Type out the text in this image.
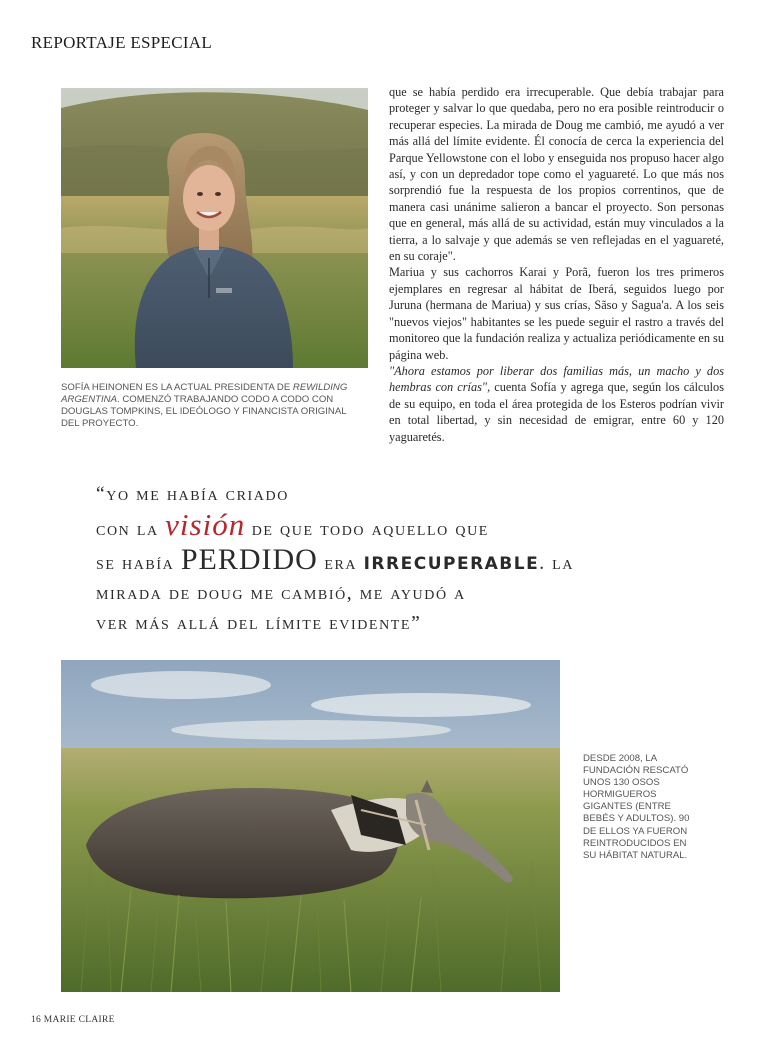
REPORTAJE ESPECIAL
SOFÍA HEINONEN ES LA ACTUAL PRESIDENTA DE REWILDING ARGENTINA. COMENZÓ TRABAJANDO CODO A CODO CON DOUGLAS TOMPKINS, EL IDEÓLOGO Y FINANCISTA ORIGINAL DEL PROYECTO.

que se había perdido era irrecuperable. Que debía trabajar para proteger y salvar lo que quedaba, pero no era posible reintroducir o recuperar especies. La mirada de Doug me cambió, me ayudó a ver más allá del límite evidente. Él conocía de cerca la experiencia del Parque Yellowstone con el lobo y enseguida nos propuso hacer algo así, y con un depredador tope como el yaguareté. Lo que más nos sorprendió fue la respuesta de los propios correntinos, que de manera casi unánime salieron a bancar el proyecto. Son personas que en general, más allá de su actividad, están muy vinculados a la tierra, a lo salvaje y que además se ven reflejadas en el yaguareté, en su coraje".

Mariua y sus cachorros Karai y Porã, fueron los tres primeros ejemplares en regresar al hábitat de Iberá, seguidos luego por Juruna (hermana de Mariua) y sus crías, Sãso y Sagua'a. A los seis "nuevos viejos" habitantes se les puede seguir el rastro a través del monitoreo que la fundación realiza y actualiza periódicamente en su página web.

"Ahora estamos por liberar dos familias más, un macho y dos hembras con crías", cuenta Sofía y agrega que, según los cálculos de su equipo, en toda el área protegida de los Esteros podrían vivir en total libertad, y sin necesidad de emigrar, entre 60 y 120 yaguaretés.

“yo me había criado
con la visión de que todo aquello que
se había PERDIDO era IRRECUPERABLE. la
mirada de doug me cambió, me ayudó a
ver más allá del límite evidente”
DESDE 2008, LA FUNDACIÓN RESCATÓ UNOS 130 OSOS HORMIGUEROS GIGANTES (ENTRE BEBÉS Y ADULTOS). 90 DE ELLOS YA FUERON REINTRODUCIDOS EN SU HÁBITAT NATURAL.
16 MARIE CLAIRE
